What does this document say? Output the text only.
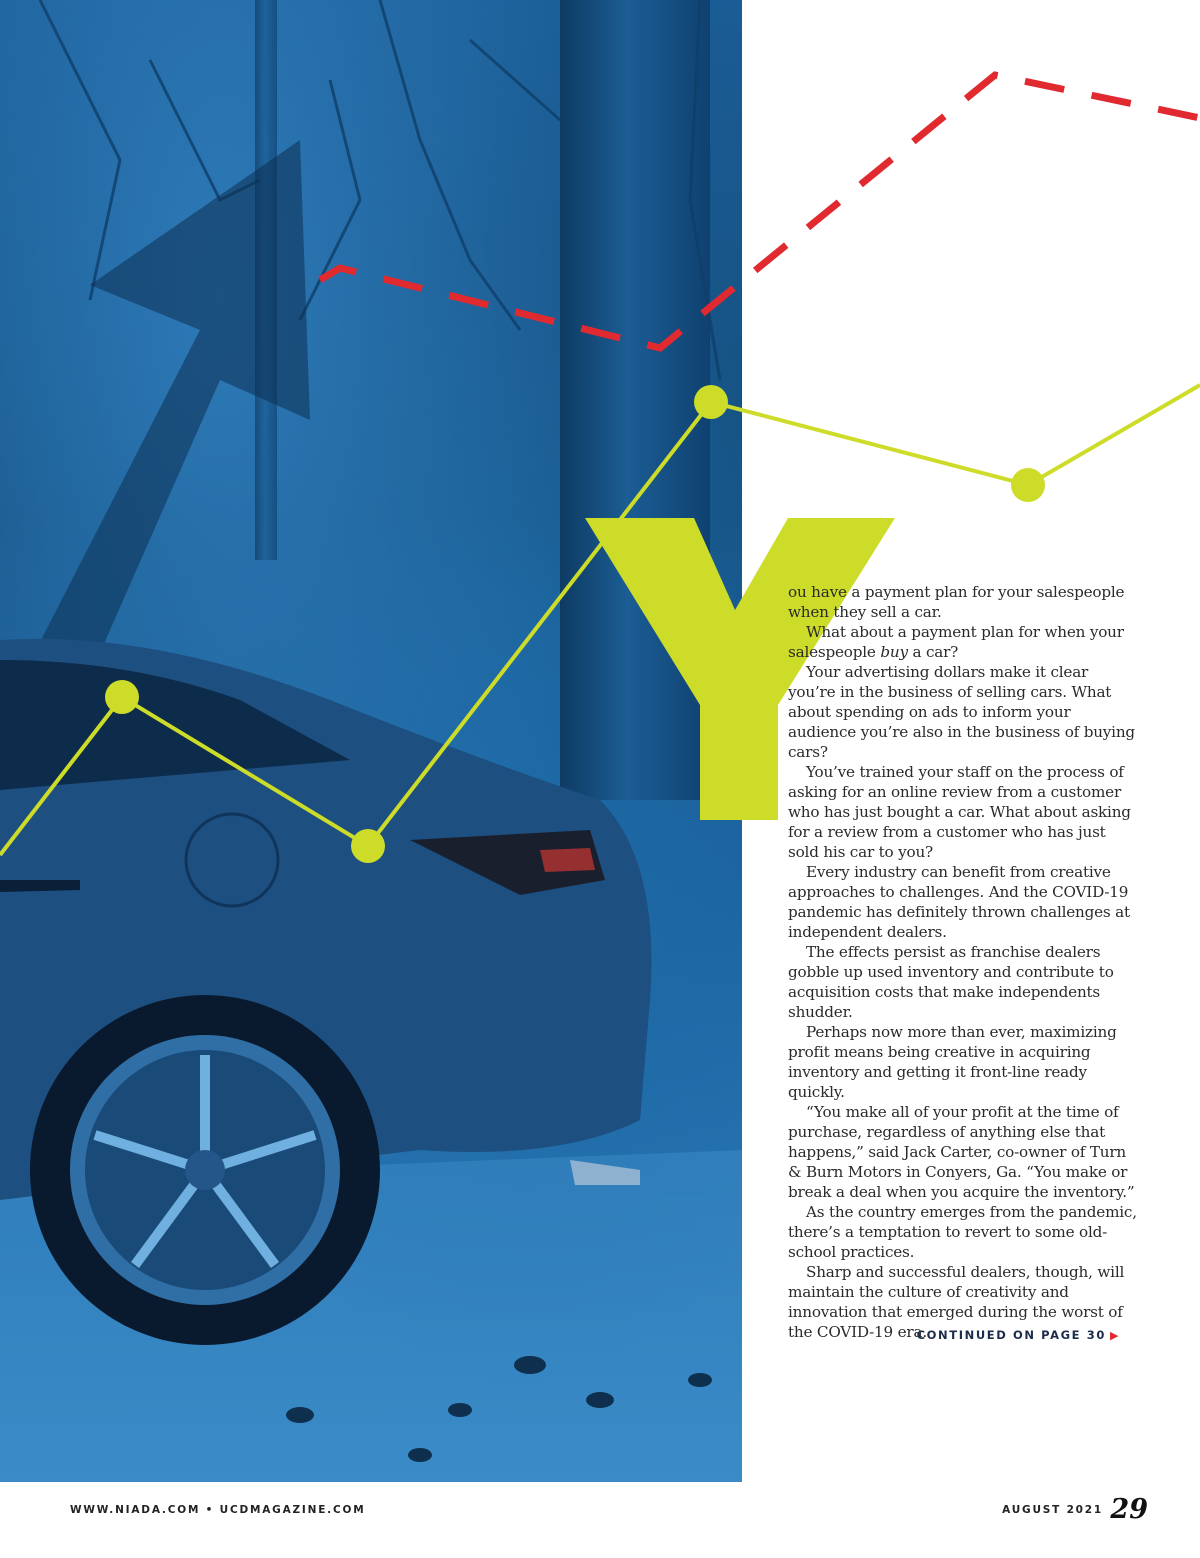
ou have a payment plan for your salespeople when they sell a car.

What about a payment plan for when your salespeople buy a car?

Your advertising dollars make it clear you’re in the business of selling cars. What about spending on ads to inform your audience you’re also in the business of buying cars?

You’ve trained your staff on the process of asking for an online review from a customer who has just bought a car. What about asking for a review from a customer who has just sold his car to you?

Every industry can benefit from creative approaches to challenges. And the COVID-19 pandemic has definitely thrown challenges at independent dealers.

The effects persist as franchise dealers gobble up used inventory and contribute to acquisition costs that make independents shudder.

Perhaps now more than ever, maximizing profit means being creative in acquiring inventory and getting it front-line ready quickly.

“You make all of your profit at the time of purchase, regardless of anything else that happens,” said Jack Carter, co-owner of Turn & Burn Motors in Conyers, Ga. “You make or break a deal when you acquire the inventory.”

As the country emerges from the pandemic, there’s a temptation to revert to some old-school practices.

Sharp and successful dealers, though, will maintain the culture of creativity and innovation that emerged during the worst of the COVID-19 era.

CONTINUED ON PAGE 30 ▶
WWW.NIADA.COM • UCDMAGAZINE.COM	AUGUST 2021 29
